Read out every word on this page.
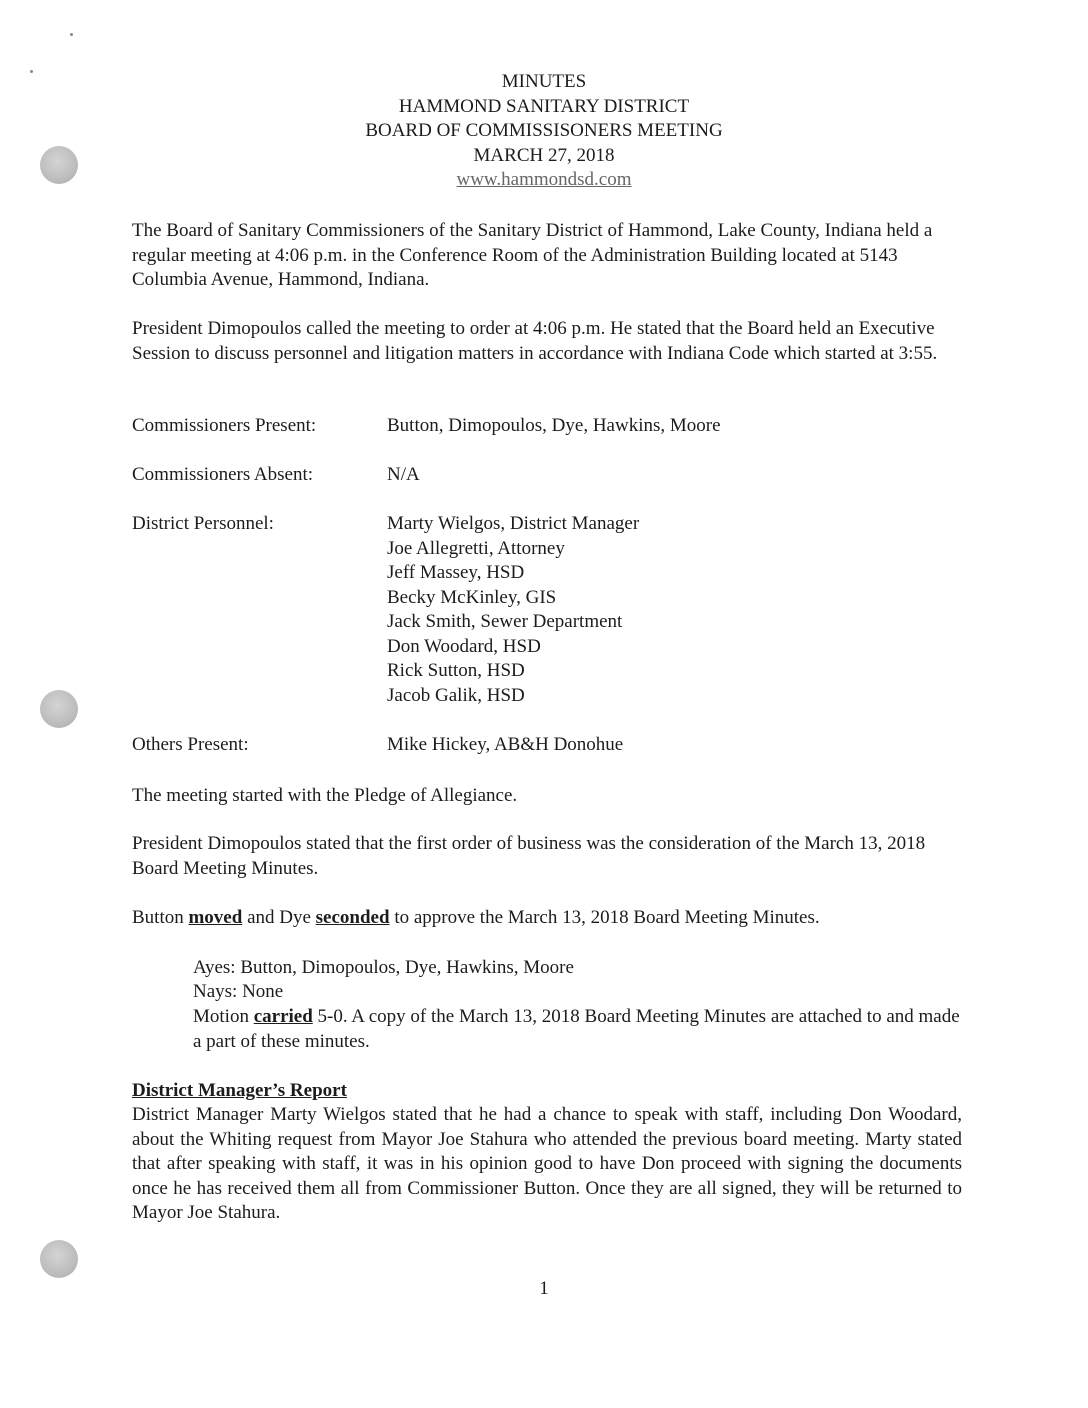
MINUTES
HAMMOND SANITARY DISTRICT
BOARD OF COMMISSISONERS MEETING
MARCH 27, 2018
www.hammondsd.com
The Board of Sanitary Commissioners of the Sanitary District of Hammond, Lake County, Indiana held a regular meeting at 4:06 p.m. in the Conference Room of the Administration Building located at 5143 Columbia Avenue, Hammond, Indiana.
President Dimopoulos called the meeting to order at 4:06 p.m. He stated that the Board held an Executive Session to discuss personnel and litigation matters in accordance with Indiana Code which started at 3:55.
Commissioners Present:	Button, Dimopoulos, Dye, Hawkins, Moore
Commissioners Absent:	N/A
District Personnel:	Marty Wielgos, District Manager
Joe Allegretti, Attorney
Jeff Massey, HSD
Becky McKinley, GIS
Jack Smith, Sewer Department
Don Woodard, HSD
Rick Sutton, HSD
Jacob Galik, HSD
Others Present:	Mike Hickey, AB&H Donohue
The meeting started with the Pledge of Allegiance.
President Dimopoulos stated that the first order of business was the consideration of the March 13, 2018 Board Meeting Minutes.
Button moved and Dye seconded to approve the March 13, 2018 Board Meeting Minutes.
Ayes: Button, Dimopoulos, Dye, Hawkins, Moore
Nays: None
Motion carried 5-0. A copy of the March 13, 2018 Board Meeting Minutes are attached to and made a part of these minutes.
District Manager’s Report
District Manager Marty Wielgos stated that he had a chance to speak with staff, including Don Woodard, about the Whiting request from Mayor Joe Stahura who attended the previous board meeting. Marty stated that after speaking with staff, it was in his opinion good to have Don proceed with signing the documents once he has received them all from Commissioner Button. Once they are all signed, they will be returned to Mayor Joe Stahura.
1
